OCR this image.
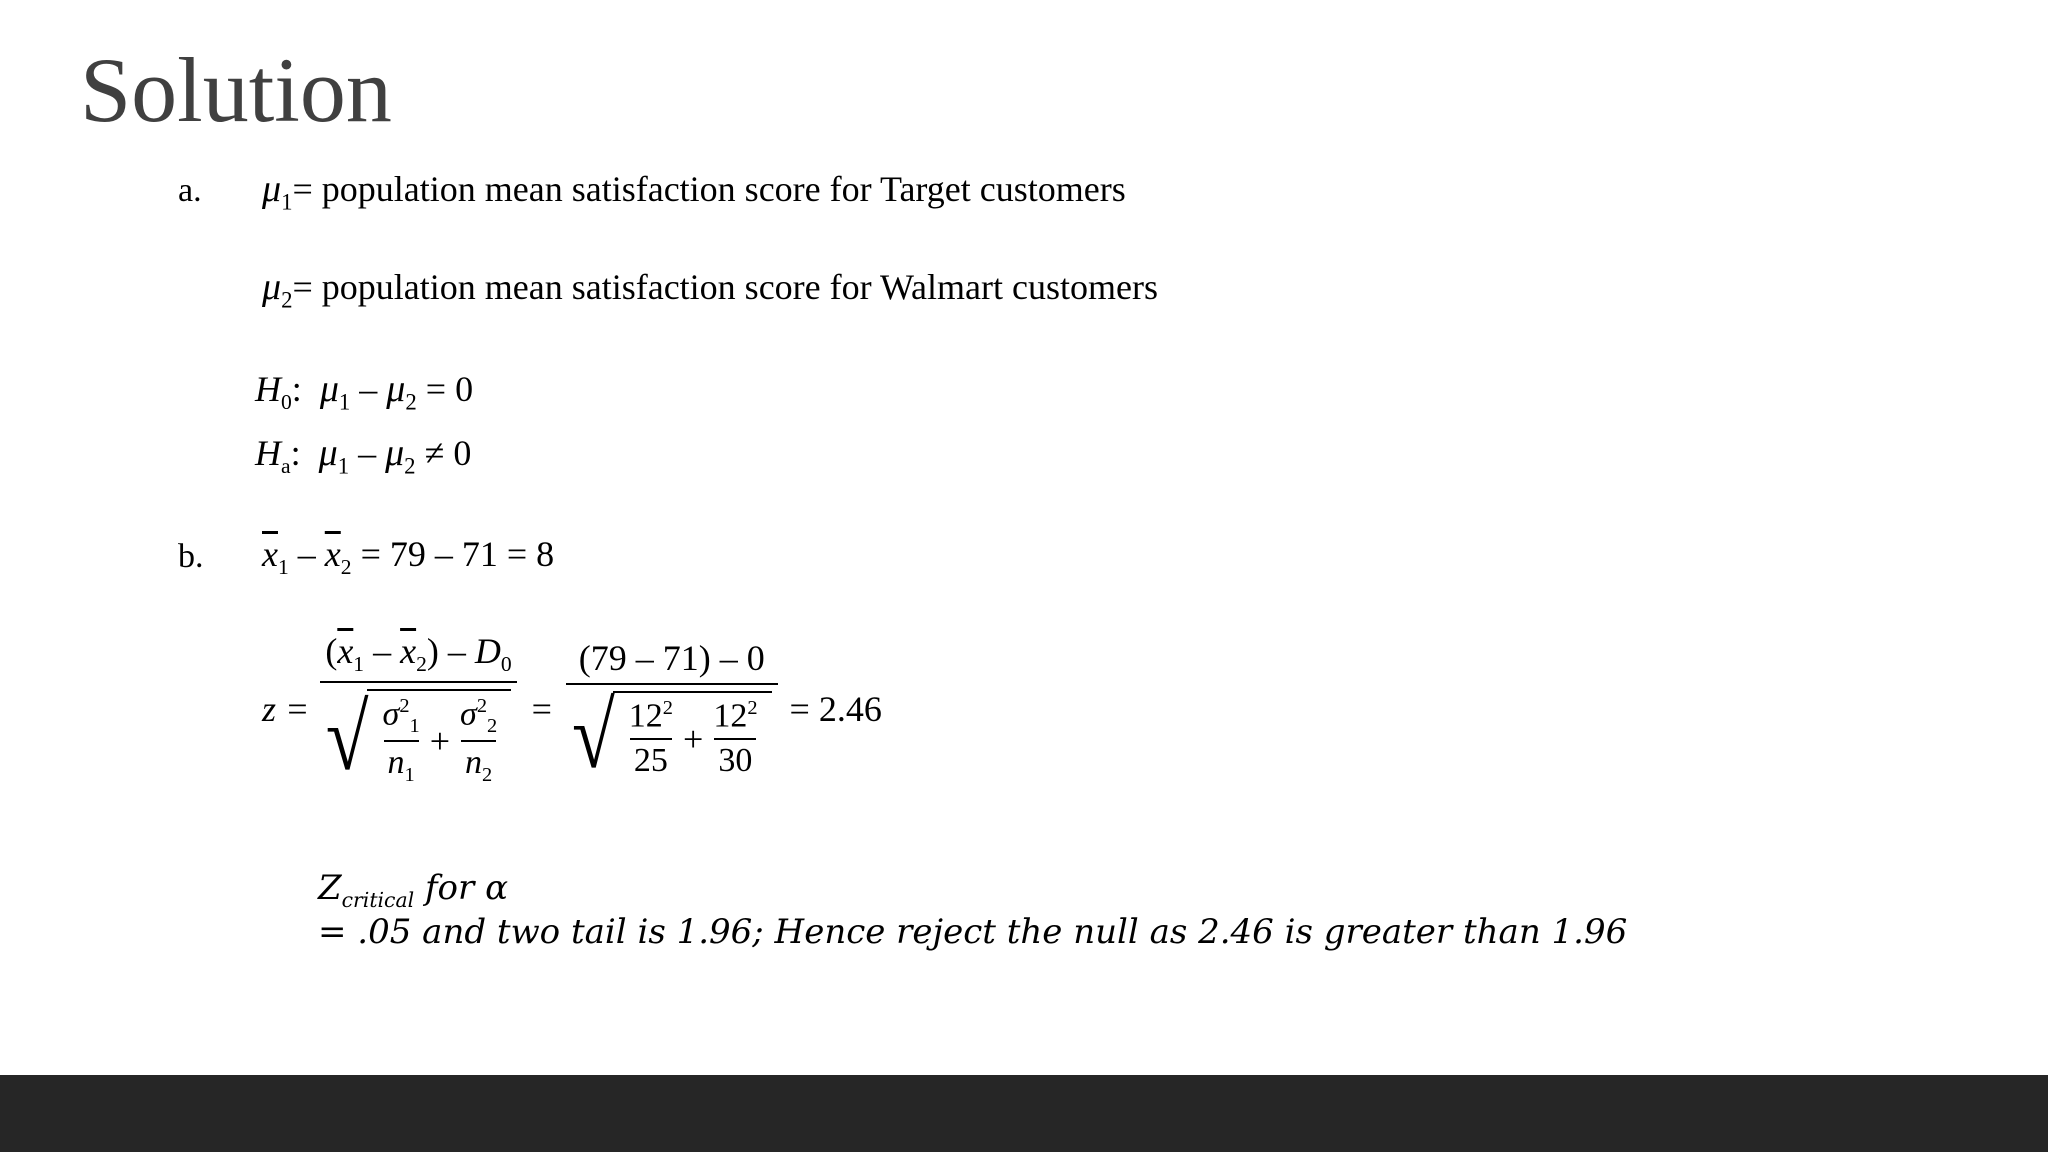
Solution
a. $\mu_1=$ population mean satisfaction score for Target customers
$\mu_2=$ population mean satisfaction score for Walmart customers
$H_0$:  $\mu_1 - \mu_2 = 0$
$H_a$:  $\mu_1 - \mu_2 \ne 0$
b. $\overline{x}_1 - \overline{x}_2 = 79 - 71 = 8$
z =
$(\overline{x}_1 - \overline{x}_2) - D_0$
√ $\sigma^2_1$
$n_1$
+
$\sigma^2_2$
$n_2$
=
(79 – 71) – 0
√ $12^2$
25
+
$12^2$
30
= 2.46
$Z_{critical}$ for α
= .05 and two tail is 1.96; Hence reject the null as 2.46 is greater than 1.96
